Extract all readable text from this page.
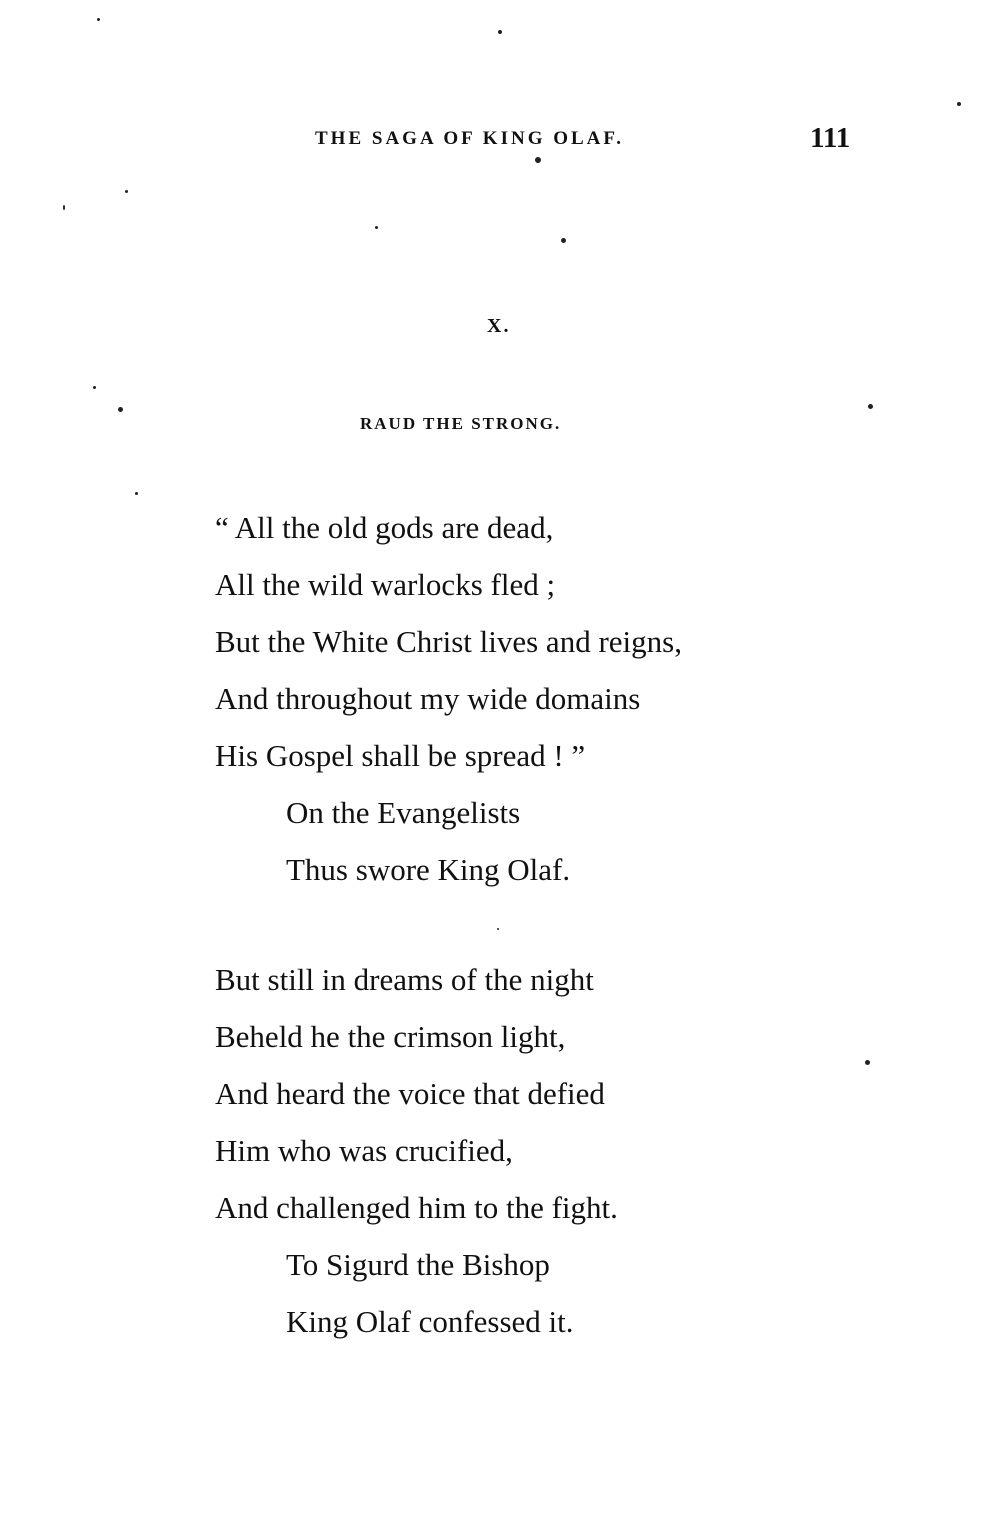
THE SAGA OF KING OLAF.	111
X.
RAUD THE STRONG.
“ All the old gods are dead,
All the wild warlocks fled ;
But the White Christ lives and reigns,
And throughout my wide domains
His Gospel shall be spread ! ”
On the Evangelists
Thus swore King Olaf.
But still in dreams of the night
Beheld he the crimson light,
And heard the voice that defied
Him who was crucified,
And challenged him to the fight.
To Sigurd the Bishop
King Olaf confessed it.
